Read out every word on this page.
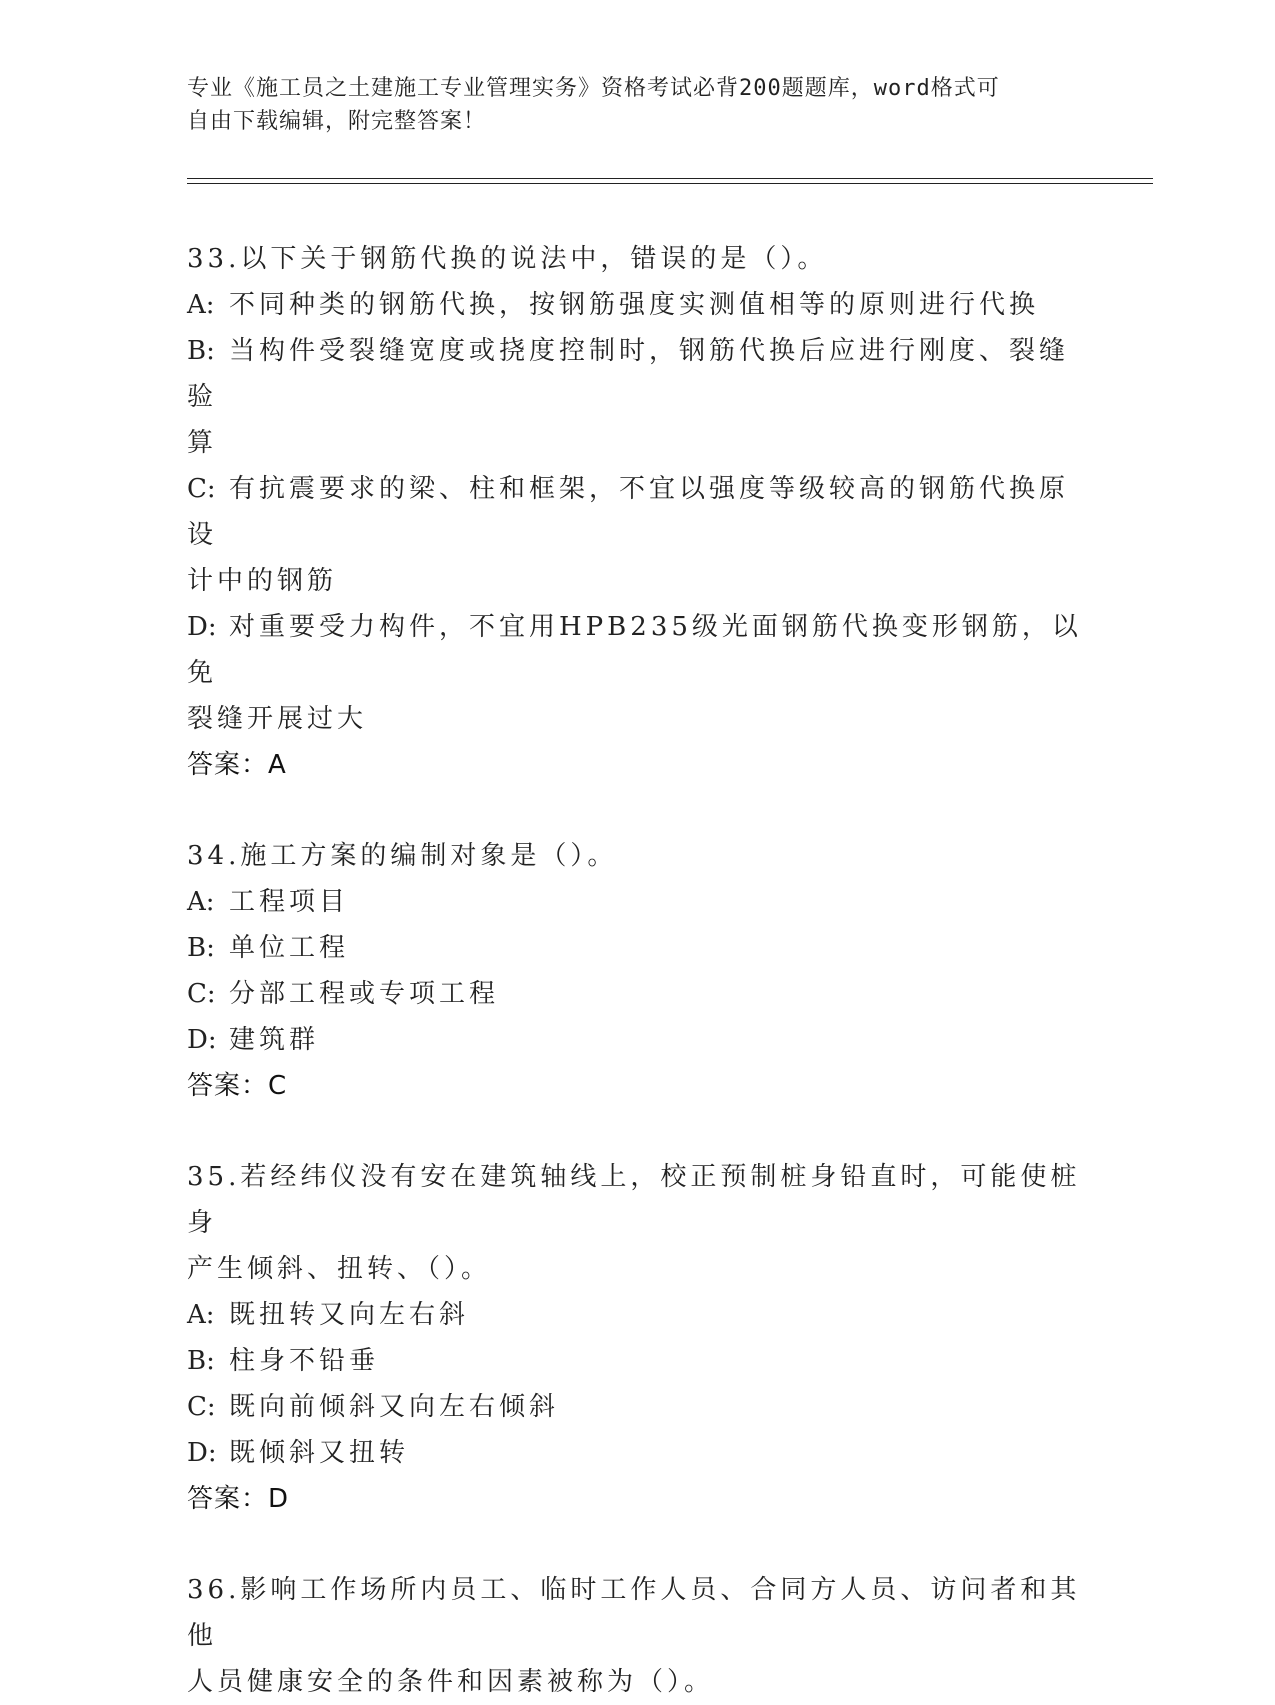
专业《施工员之土建施工专业管理实务》资格考试必背200题题库，word格式可
自由下载编辑，附完整答案！
33.以下关于钢筋代换的说法中，错误的是（）。
A: 不同种类的钢筋代换，按钢筋强度实测值相等的原则进行代换
B: 当构件受裂缝宽度或挠度控制时，钢筋代换后应进行刚度、裂缝验
算
C: 有抗震要求的梁、柱和框架，不宜以强度等级较高的钢筋代换原设
计中的钢筋
D: 对重要受力构件，不宜用HPB235级光面钢筋代换变形钢筋，以免
裂缝开展过大
答案：A
34.施工方案的编制对象是（）。
A: 工程项目
B: 单位工程
C: 分部工程或专项工程
D: 建筑群
答案：C
35.若经纬仪没有安在建筑轴线上，校正预制桩身铅直时，可能使桩身
产生倾斜、扭转、（）。
A: 既扭转又向左右斜
B: 柱身不铅垂
C: 既向前倾斜又向左右倾斜
D: 既倾斜又扭转
答案：D
36.影响工作场所内员工、临时工作人员、合同方人员、访问者和其他
人员健康安全的条件和因素被称为（）。
